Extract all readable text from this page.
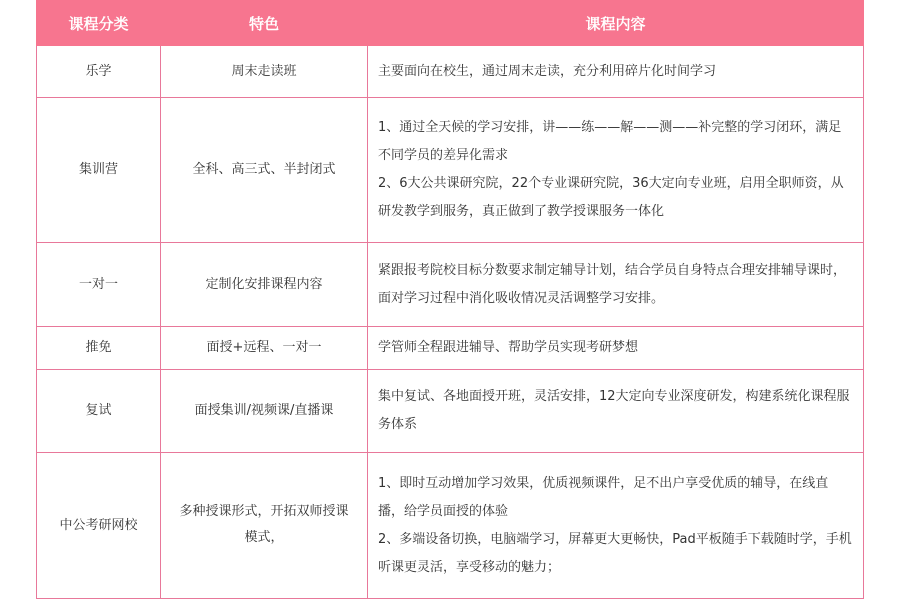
课程分类	特色	课程内容
乐学	周末走读班	主要面向在校生，通过周末走读，充分利用碎片化时间学习

集训营	全科、高三式、半封闭式	1、通过全天候的学习安排，讲——练——解——测——补完整的学习闭环，满足不同学员的差异化需求
2、6大公共课研究院，22个专业课研究院，36大定向专业班，启用全职师资，从研发教学到服务，真正做到了教学授课服务一体化

一对一	定制化安排课程内容	紧跟报考院校目标分数要求制定辅导计划，结合学员自身特点合理安排辅导课时，面对学习过程中消化吸收情况灵活调整学习安排。

推免	面授+远程、一对一	学管师全程跟进辅导、帮助学员实现考研梦想

复试	面授集训/视频课/直播课	集中复试、各地面授开班，灵活安排，12大定向专业深度研发，构建系统化课程服务体系

中公考研网校	多种授课形式，开拓双师授课模式，	1、即时互动增加学习效果，优质视频课件，足不出户享受优质的辅导，在线直播，给学员面授的体验
2、多端设备切换，电脑端学习，屏幕更大更畅快，Pad平板随手下载随时学，手机听课更灵活，享受移动的魅力；
